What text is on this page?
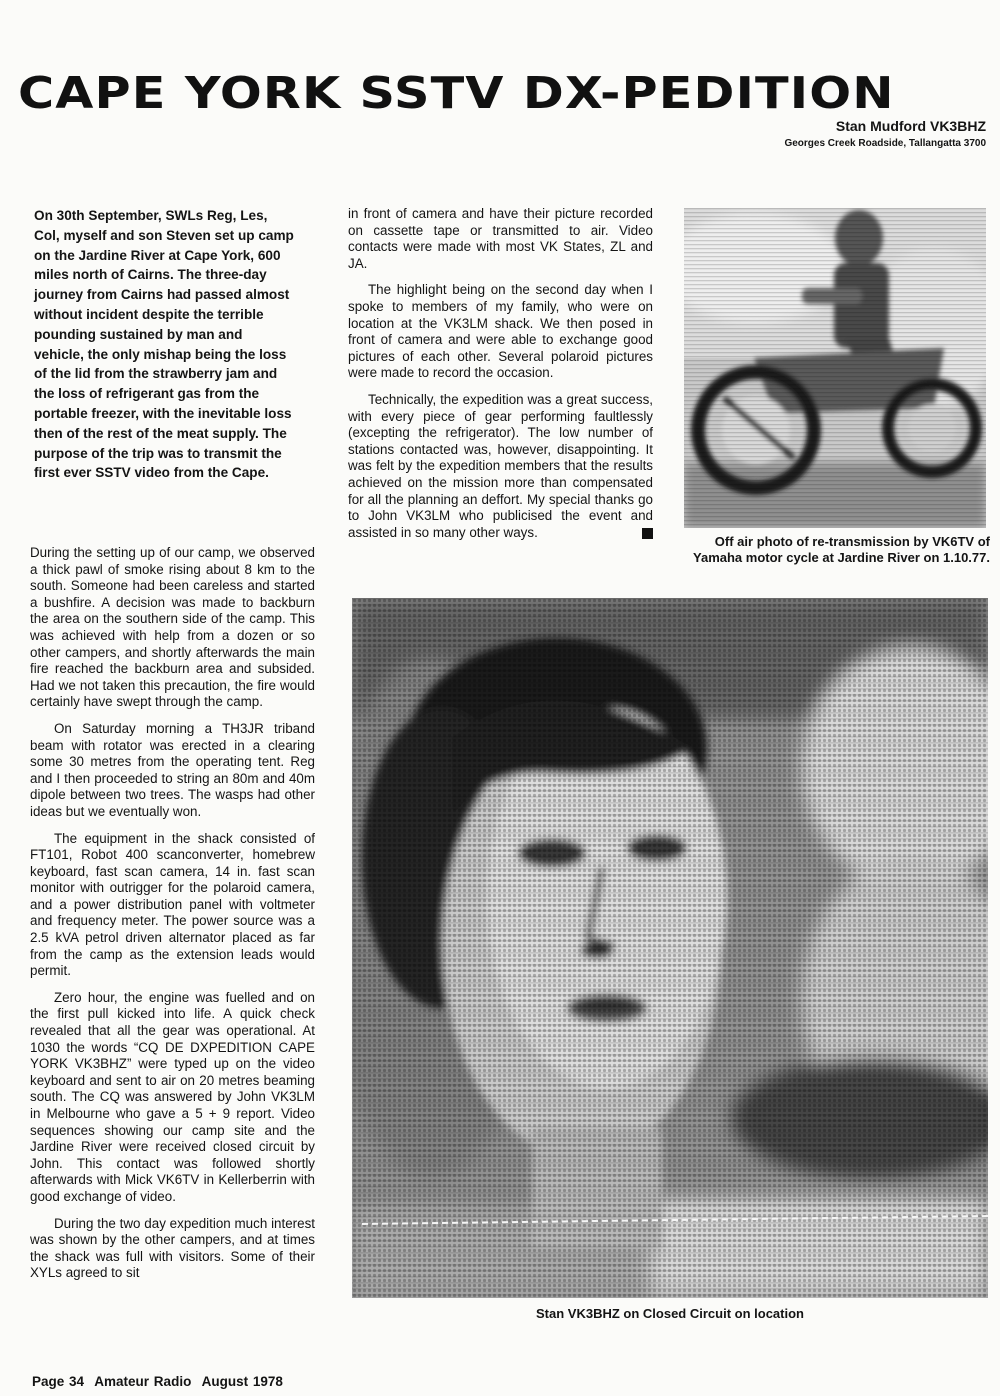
CAPE YORK SSTV DX-PEDITION
Stan Mudford VK3BHZ
Georges Creek Roadside, Tallangatta 3700

On 30th September, SWLs Reg, Les, Col, myself and son Steven set up camp on the Jardine River at Cape York, 600 miles north of Cairns. The three-day journey from Cairns had passed almost without incident despite the terrible pounding sustained by man and vehicle, the only mishap being the loss of the lid from the strawberry jam and the loss of refrigerant gas from the portable freezer, with the inevitable loss then of the rest of the meat supply. The purpose of the trip was to transmit the first ever SSTV video from the Cape.

During the setting up of our camp, we observed a thick pawl of smoke rising about 8 km to the south. Someone had been careless and started a bushfire. A decision was made to backburn the area on the southern side of the camp. This was achieved with help from a dozen or so other campers, and shortly afterwards the main fire reached the backburn area and subsided. Had we not taken this precaution, the fire would certainly have swept through the camp.

On Saturday morning a TH3JR triband beam with rotator was erected in a clearing some 30 metres from the operating tent. Reg and I then proceeded to string an 80m and 40m dipole between two trees. The wasps had other ideas but we eventually won.

The equipment in the shack consisted of FT101, Robot 400 scanconverter, homebrew keyboard, fast scan camera, 14 in. fast scan monitor with outrigger for the polaroid camera, and a power distribution panel with voltmeter and frequency meter. The power source was a 2.5 kVA petrol driven alternator placed as far from the camp as the extension leads would permit.

Zero hour, the engine was fuelled and on the first pull kicked into life. A quick check revealed that all the gear was operational. At 1030 the words “CQ DE DXPEDITION CAPE YORK VK3BHZ” were typed up on the video keyboard and sent to air on 20 metres beaming south. The CQ was answered by John VK3LM in Melbourne who gave a 5 + 9 report. Video sequences showing our camp site and the Jardine River were received closed circuit by John. This contact was followed shortly afterwards with Mick VK6TV in Kellerberrin with good exchange of video.

During the two day expedition much interest was shown by the other campers, and at times the shack was full with visitors. Some of their XYLs agreed to sit

in front of camera and have their picture recorded on cassette tape or transmitted to air. Video contacts were made with most VK States, ZL and JA.

The highlight being on the second day when I spoke to members of my family, who were on location at the VK3LM shack. We then posed in front of camera and were able to exchange good pictures of each other. Several polaroid pictures were made to record the occasion.

Technically, the expedition was a great success, with every piece of gear performing faultlessly (excepting the refrigerator). The low number of stations contacted was, however, disappointing. It was felt by the expedition members that the results achieved on the mission more than compensated for all the planning an deffort. My special thanks go to John VK3LM who publicised the event and assisted in so many other ways.

Off air photo of re-transmission by VK6TV of Yamaha motor cycle at Jardine River on 1.10.77.
Stan VK3BHZ on Closed Circuit on location
Page 34 Amateur Radio August 1978
